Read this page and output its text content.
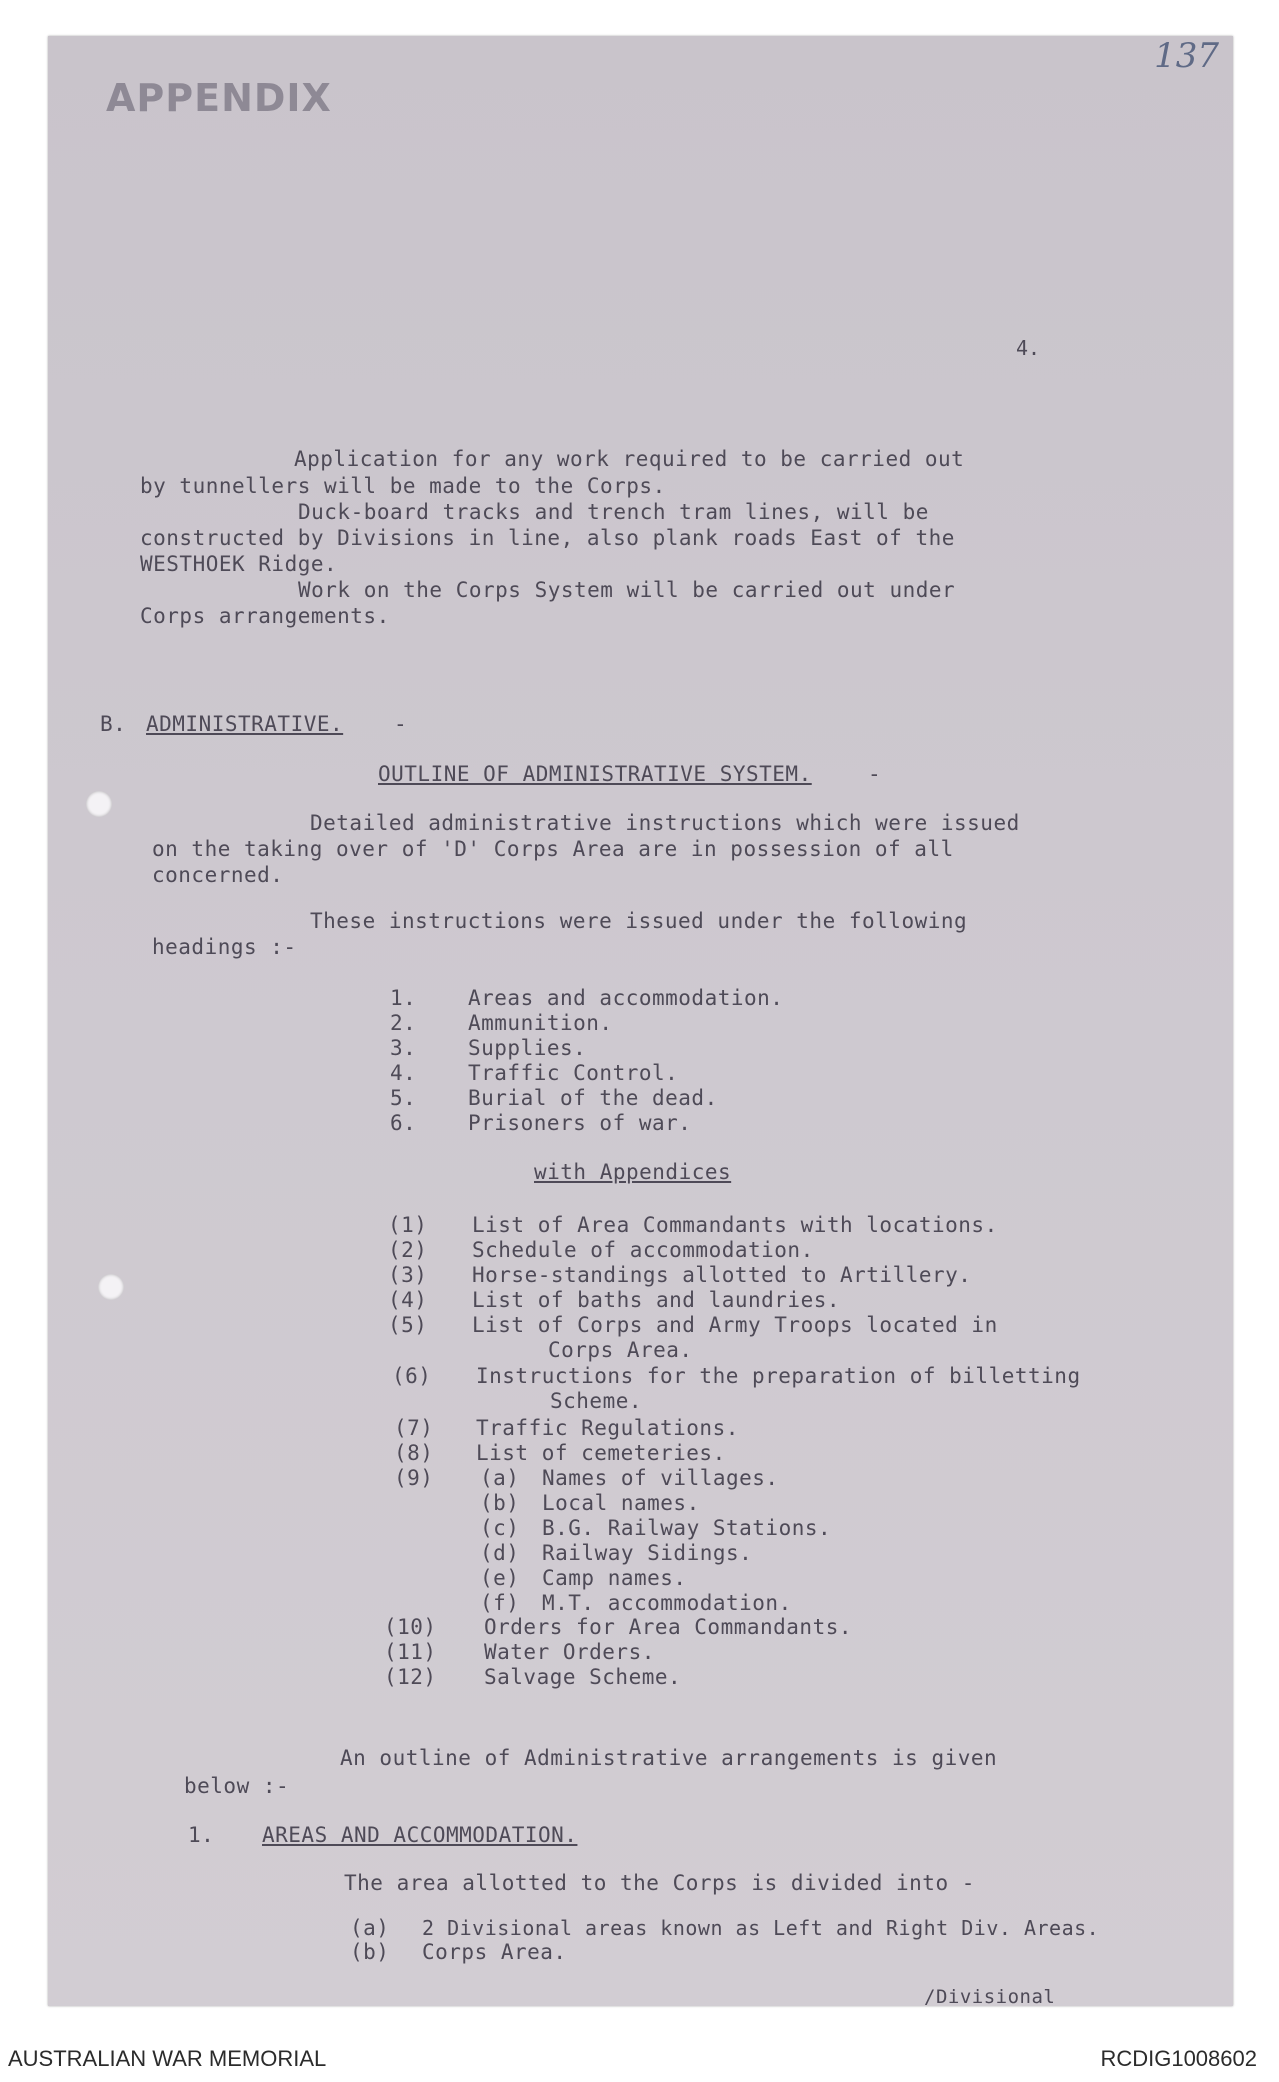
APPENDIX
137
4.
Application for any work required to be carried out
by tunnellers will be made to the Corps.
Duck-board tracks and trench tram lines, will be
constructed by Divisions in line, also plank roads East of the
WESTHOEK Ridge.
Work on the Corps System will be carried out under
Corps arrangements.
B. ADMINISTRATIVE. -
OUTLINE OF ADMINISTRATIVE SYSTEM.	-
Detailed administrative instructions which were issued
on the taking over of 'D' Corps Area are in possession of all
concerned.
These instructions were issued under the following
headings :-
1. Areas and accommodation.
2. Ammunition.
3. Supplies.
4. Traffic Control.
5. Burial of the dead.
6. Prisoners of war.
with Appendices
(1) List of Area Commandants with locations.
(2) Schedule of accommodation.
(3) Horse-standings allotted to Artillery.
(4) List of baths and laundries.
(5) List of Corps and Army Troops located in
Corps Area.
(6) Instructions for the preparation of billetting
Scheme.
(7) Traffic Regulations.
(8) List of cemeteries.
(9) (a) Names of villages.
(b) Local names.
(c) B.G. Railway Stations.
(d) Railway Sidings.
(e) Camp names.
(f) M.T. accommodation.
(10) Orders for Area Commandants.
(11) Water Orders.
(12) Salvage Scheme.
An outline of Administrative arrangements is given
below :-
1. AREAS AND ACCOMMODATION.
The area allotted to the Corps is divided into -
(a) 2 Divisional areas known as Left and Right Div. Areas.
(b) Corps Area.
/Divisional
AUSTRALIAN WAR MEMORIAL	RCDIG1008602
